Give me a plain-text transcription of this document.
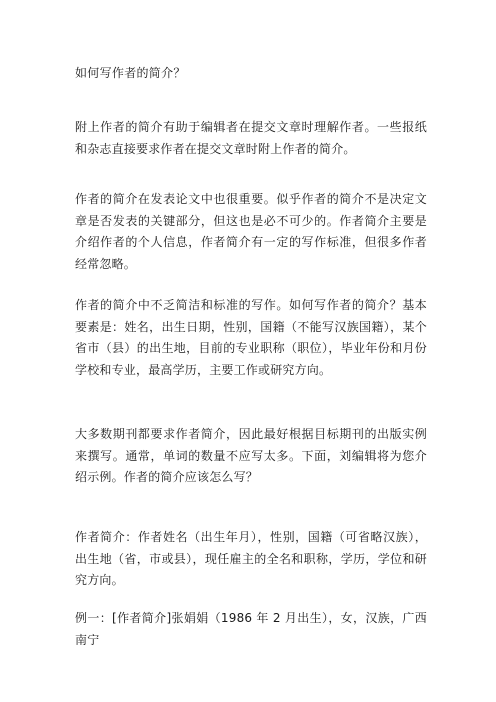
如何写作者的简介？
附上作者的简介有助于编辑者在提交文章时理解作者。一些报纸和杂志直接要求作者在提交文章时附上作者的简介。
作者的简介在发表论文中也很重要。似乎作者的简介不是决定文章是否发表的关键部分，但这也是必不可少的。作者简介主要是介绍作者的个人信息，作者简介有一定的写作标准，但很多作者经常忽略。
作者的简介中不乏简洁和标准的写作。如何写作者的简介？基本要素是：姓名，出生日期，性别，国籍（不能写汉族国籍），某个省市（县）的出生地，目前的专业职称（职位），毕业年份和月份学校和专业，最高学历，主要工作或研究方向。
大多数期刊都要求作者简介，因此最好根据目标期刊的出版实例来撰写。通常，单词的数量不应写太多。下面，刘编辑将为您介绍示例。作者的简介应该怎么写？
作者简介：作者姓名（出生年月），性别，国籍（可省略汉族），出生地（省，市或县），现任雇主的全名和职称，学历，学位和研究方向。
例一：[作者简介]张娟娟（1986 年 2 月出生），女，汉族，广西南宁
